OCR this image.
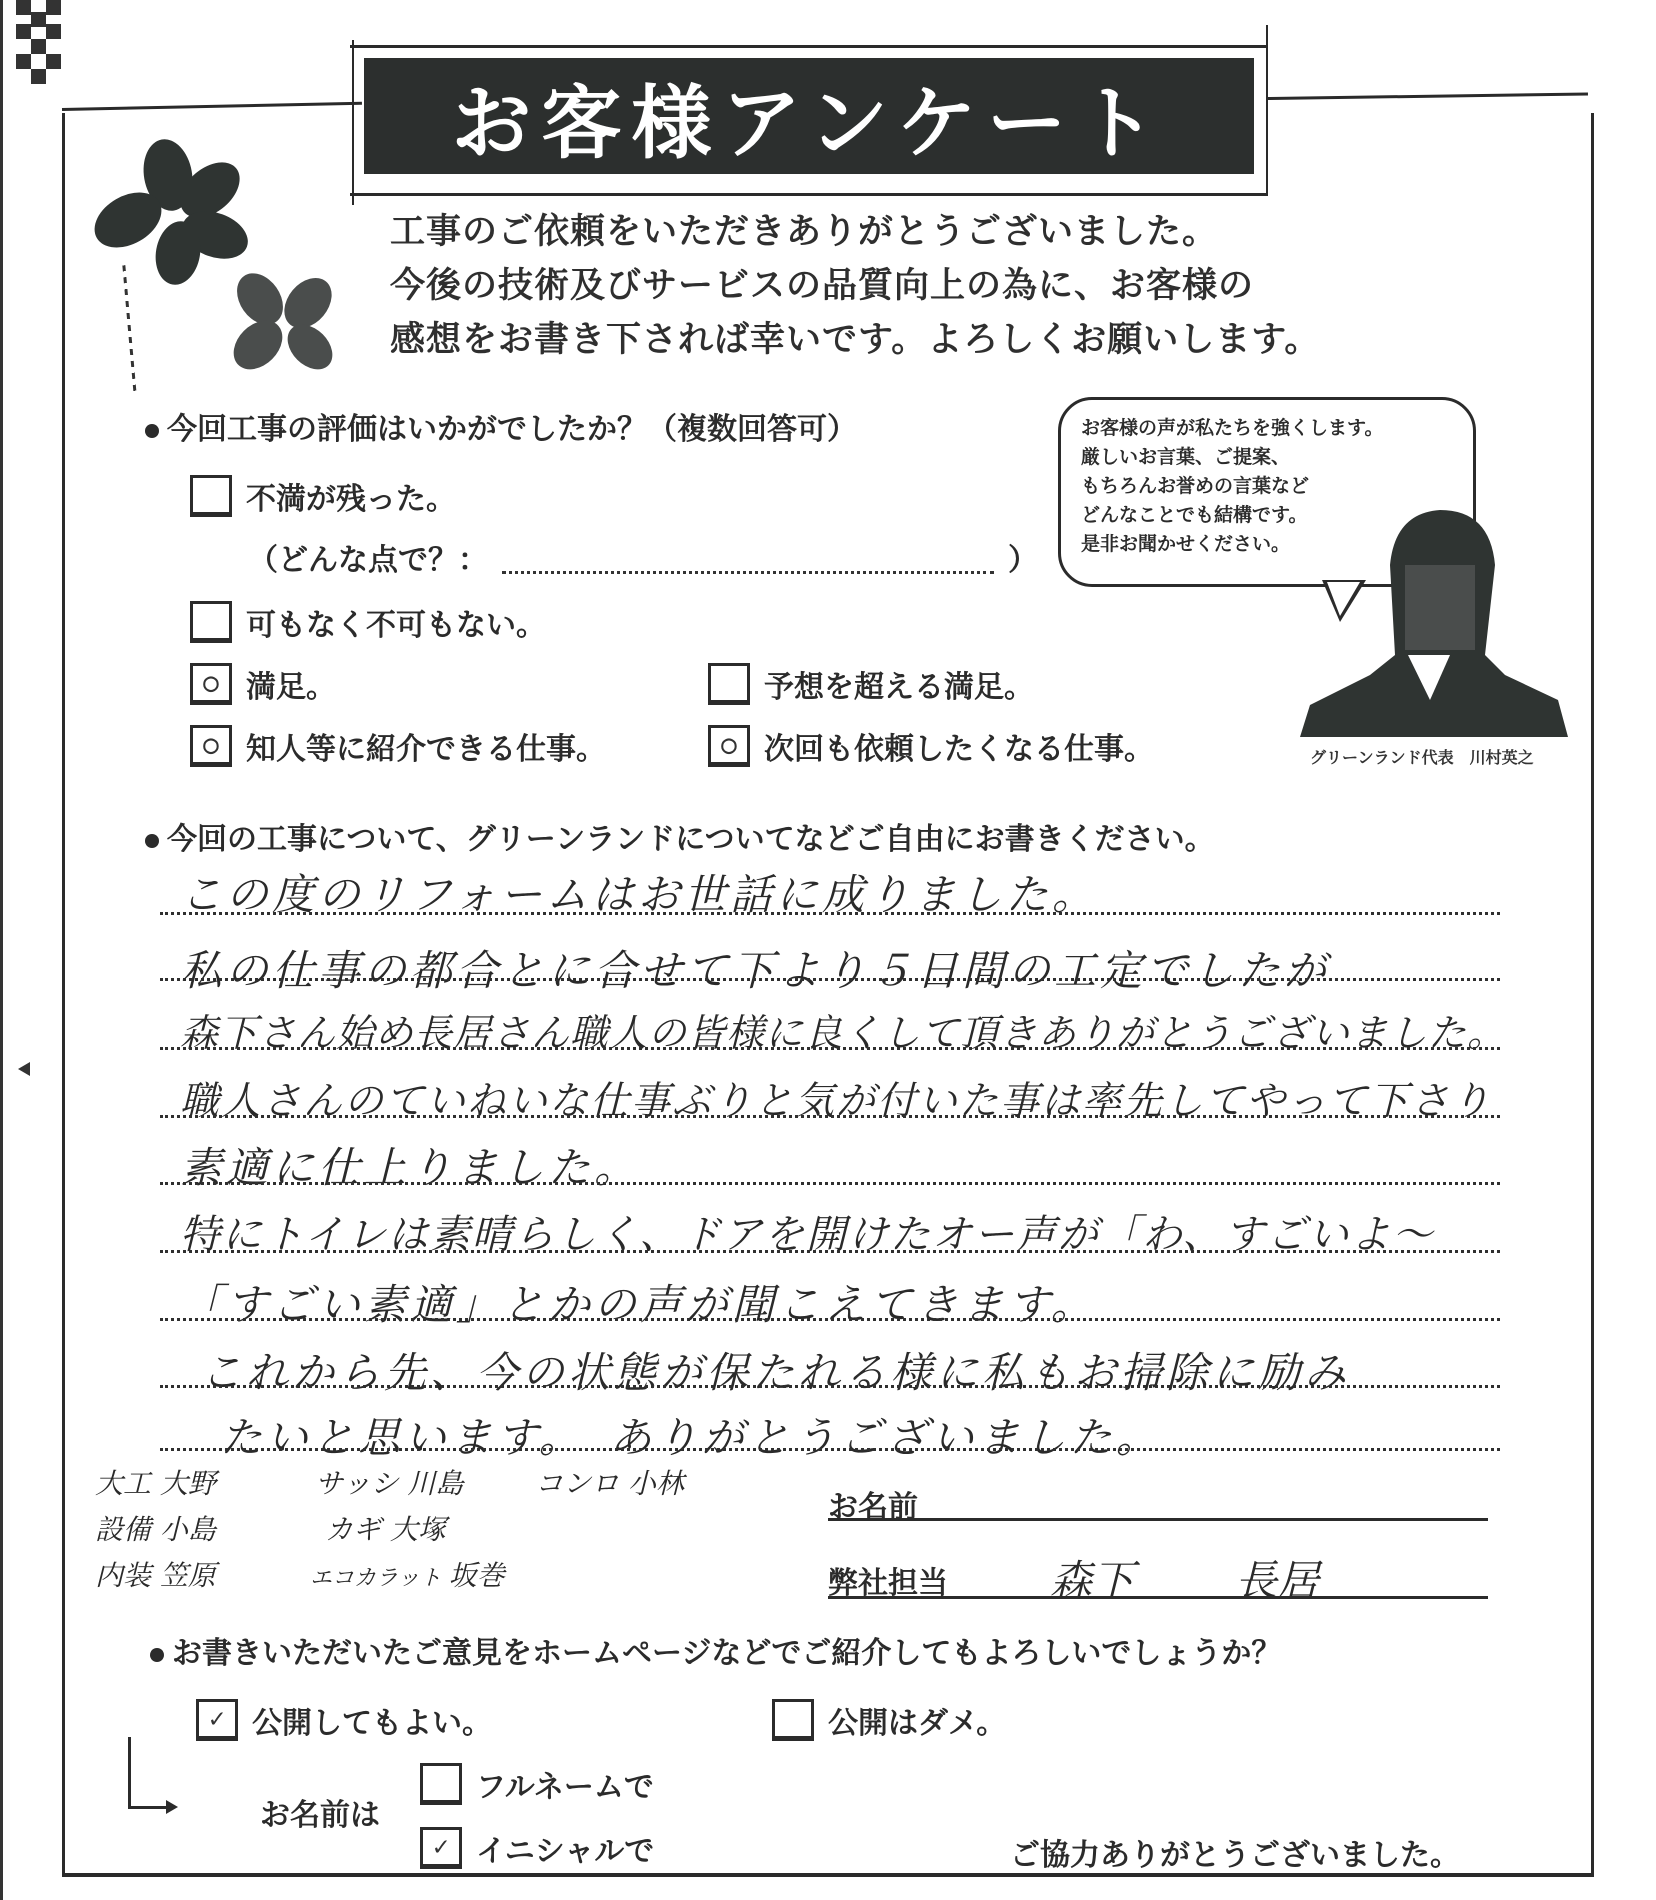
お客様アンケート
工事のご依頼をいただきありがとうございました。
今後の技術及びサービスの品質向上の為に、お客様の
感想をお書き下されば幸いです。よろしくお願いします。
お客様の声が私たちを強くします。
厳しいお言葉、ご提案、
もちろんお誉めの言葉など
どんなことでも結構です。
是非お聞かせください。
グリーンランド代表　川村英之
今回工事の評価はいかがでしたか？（複数回答可）
不満が残った。
（どんな点で？：	）
可もなく不可もない。
○ 満足。	予想を超える満足。
○ 知人等に紹介できる仕事。	○ 次回も依頼したくなる仕事。
今回の工事について、グリーンランドについてなどご自由にお書きください。
この度のリフォームはお世話に成りました。
私の仕事の都合とに合せて下より５日間の工定でしたが
森下さん始め長居さん職人の皆様に良くして頂きありがとうございました。
職人さんのていねいな仕事ぶりと気が付いた事は率先してやって下さり
素適に仕上りました。
特にトイレは素晴らしく、ドアを開けたオー声が「わ、すごいよ～
「すごい素適」とかの声が聞こえてきます。
これから先、今の状態が保たれる様に私もお掃除に励み
たいと思います。　ありがとうございました。
大工 大野	サッシ 川島	コンロ 小林
設備 小島	カギ 大塚
内装 笠原	エコカラット 坂巻
お名前
弊社担当 森下 長居
お書きいただいたご意見をホームページなどでご紹介してもよろしいでしょうか？
✓ 公開してもよい。	公開はダメ。
お名前は
フルネームで
✓ イニシャルで	ご協力ありがとうございました。
